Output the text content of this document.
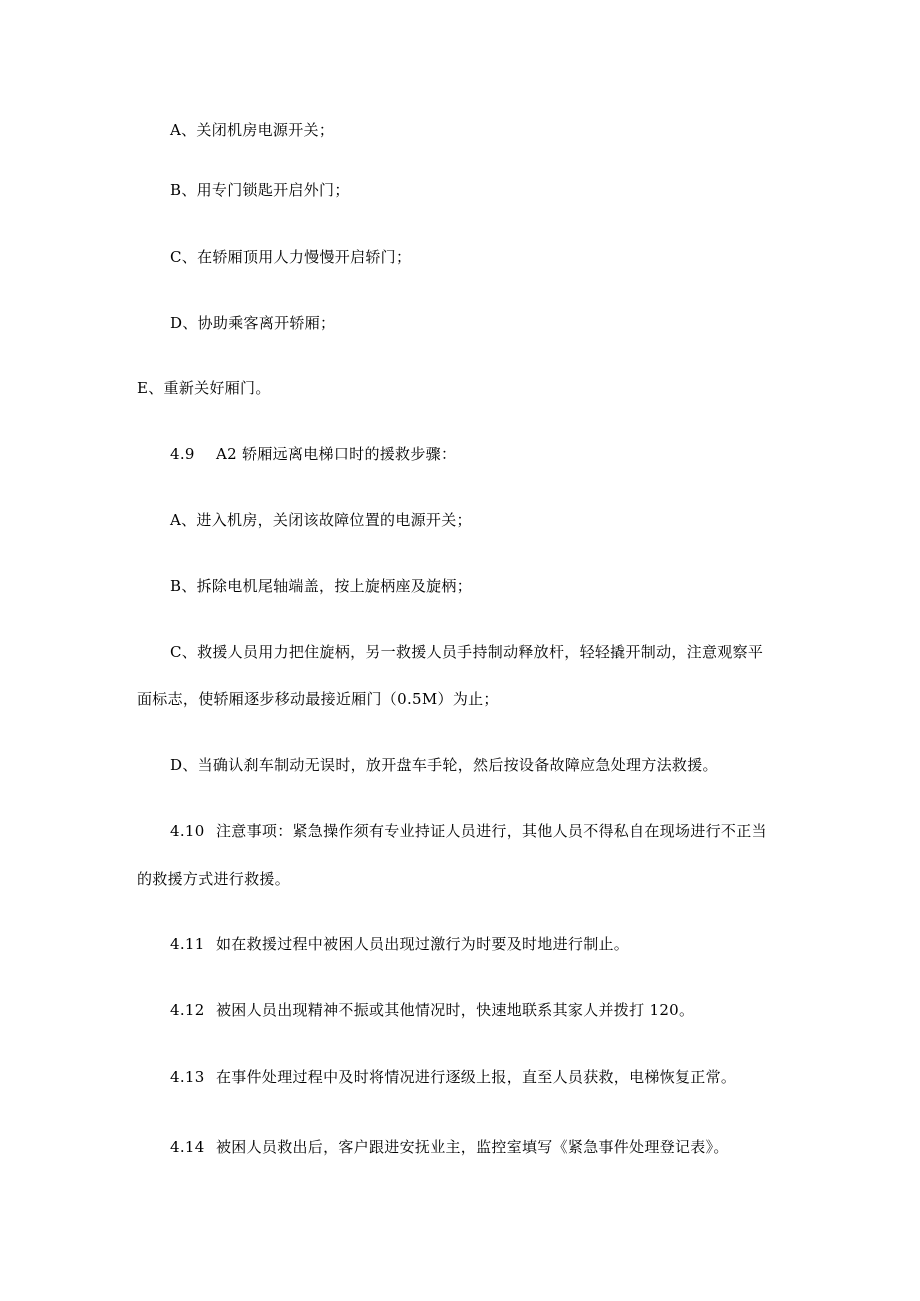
A、关闭机房电源开关；
B、用专门锁匙开启外门；
C、在轿厢顶用人力慢慢开启轿门；
D、协助乘客离开轿厢；
E、重新关好厢门。
4.9 A2 轿厢远离电梯口时的援救步骤：
A、进入机房，关闭该故障位置的电源开关；
B、拆除电机尾轴端盖，按上旋柄座及旋柄；
C、救援人员用力把住旋柄，另一救援人员手持制动释放杆，轻轻撬开制动，注意观察平
面标志，使轿厢逐步移动最接近厢门（0.5M）为止；
D、当确认刹车制动无误时，放开盘车手轮，然后按设备故障应急处理方法救援。
4.10 注意事项：紧急操作须有专业持证人员进行，其他人员不得私自在现场进行不正当
的救援方式进行救援。
4.11 如在救援过程中被困人员出现过激行为时要及时地进行制止。
4.12 被困人员出现精神不振或其他情况时，快速地联系其家人并拨打 120。
4.13 在事件处理过程中及时将情况进行逐级上报，直至人员获救，电梯恢复正常。
4.14 被困人员救出后，客户跟进安抚业主，监控室填写《紧急事件处理登记表》。
